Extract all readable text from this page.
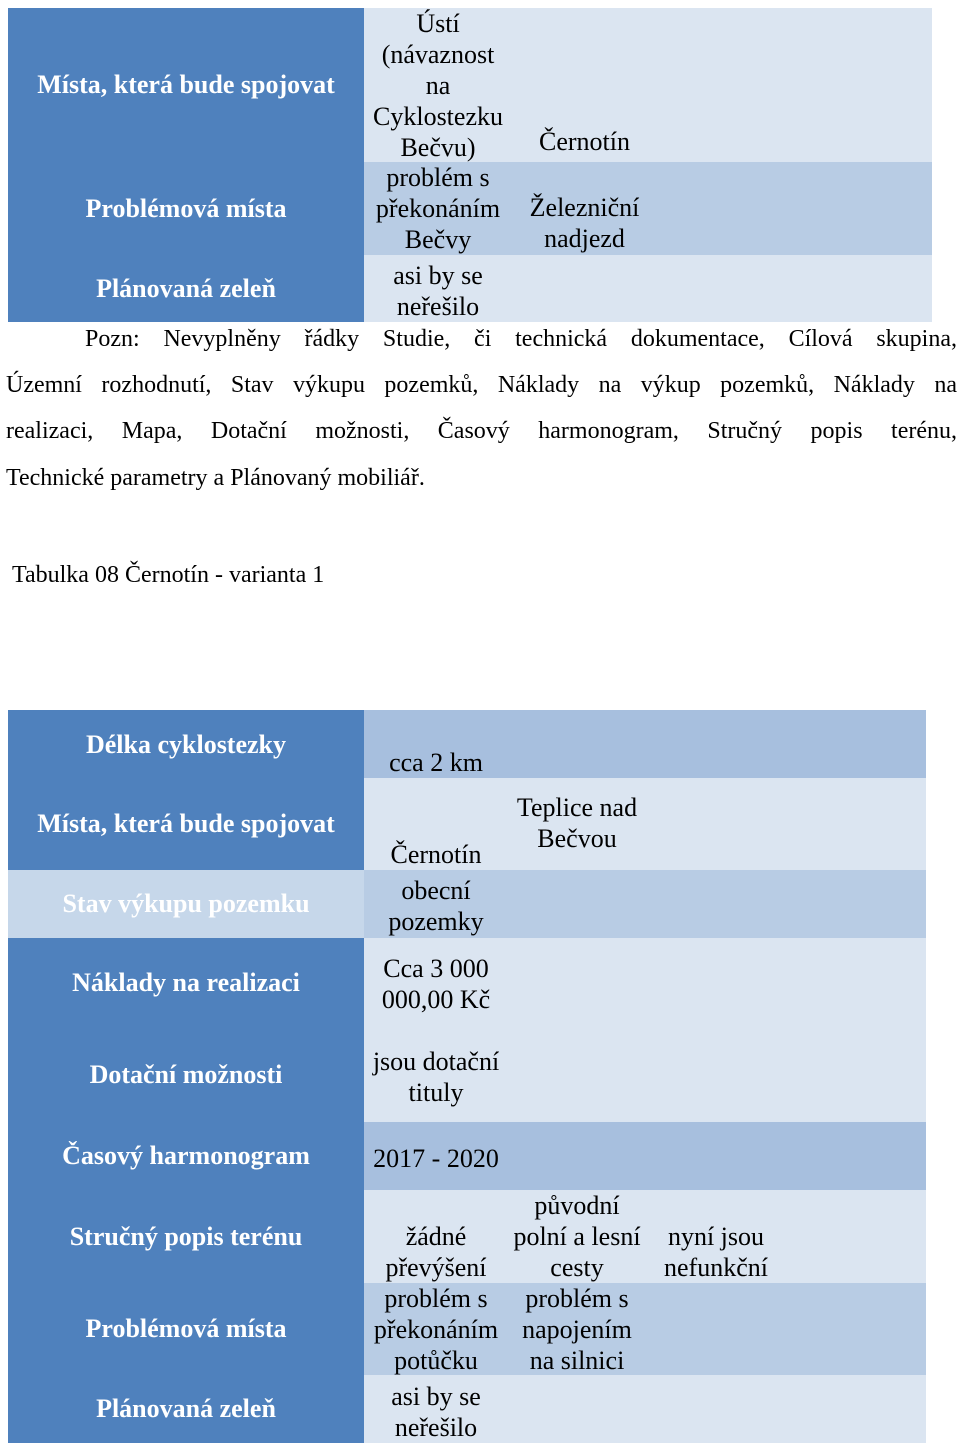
Místa, která bude spojovat
Ústí (návaznost na Cyklostezku Bečvu)	Černotín
Problémová místa
problém s překonáním Bečvy
Železniční nadjezd
Plánovaná zeleň	asi by se neřešilo
Pozn: Nevyplněny řádky Studie, či technická dokumentace, Cílová skupina,
Územní rozhodnutí, Stav výkupu pozemků, Náklady na výkup pozemků, Náklady na
realizaci, Mapa, Dotační možnosti, Časový harmonogram, Stručný popis terénu,
Technické parametry a Plánovaný mobiliář.
Tabulka 08 Černotín - varianta 1
Délka cyklostezky
Místa, která bude spojovat
Stav výkupu pozemku
Náklady na realizaci
Dotační možnosti
Časový harmonogram
Stručný popis terénu
Problémová místa
Plánovaná zeleň
cca 2 km
Černotín
obecní pozemky
Cca 3 000 000,00 Kč
jsou dotační tituly
2017 - 2020
žádné převýšení
problém s překonáním potůčku
asi by se neřešilo
Teplice nad Bečvou
původní polní a lesní cesty
problém s napojením na silnici
nyní jsou nefunkční
